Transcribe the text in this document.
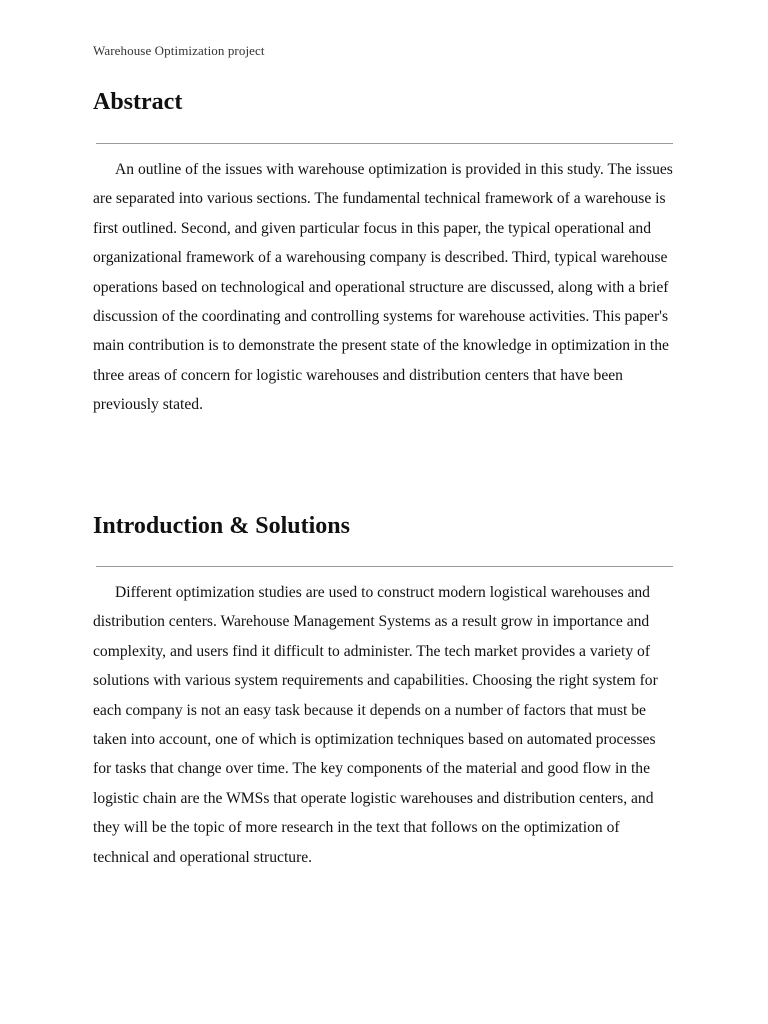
Warehouse Optimization project
Abstract

An outline of the issues with warehouse optimization is provided in this study. The issues are separated into various sections. The fundamental technical framework of a warehouse is first outlined. Second, and given particular focus in this paper, the typical operational and organizational framework of a warehousing company is described. Third, typical warehouse operations based on technological and operational structure are discussed, along with a brief discussion of the coordinating and controlling systems for warehouse activities. This paper's main contribution is to demonstrate the present state of the knowledge in optimization in the three areas of concern for logistic warehouses and distribution centers that have been previously stated.

Introduction & Solutions

Different optimization studies are used to construct modern logistical warehouses and distribution centers. Warehouse Management Systems as a result grow in importance and complexity, and users find it difficult to administer. The tech market provides a variety of solutions with various system requirements and capabilities. Choosing the right system for each company is not an easy task because it depends on a number of factors that must be taken into account, one of which is optimization techniques based on automated processes for tasks that change over time. The key components of the material and good flow in the logistic chain are the WMSs that operate logistic warehouses and distribution centers, and they will be the topic of more research in the text that follows on the optimization of technical and operational structure.
